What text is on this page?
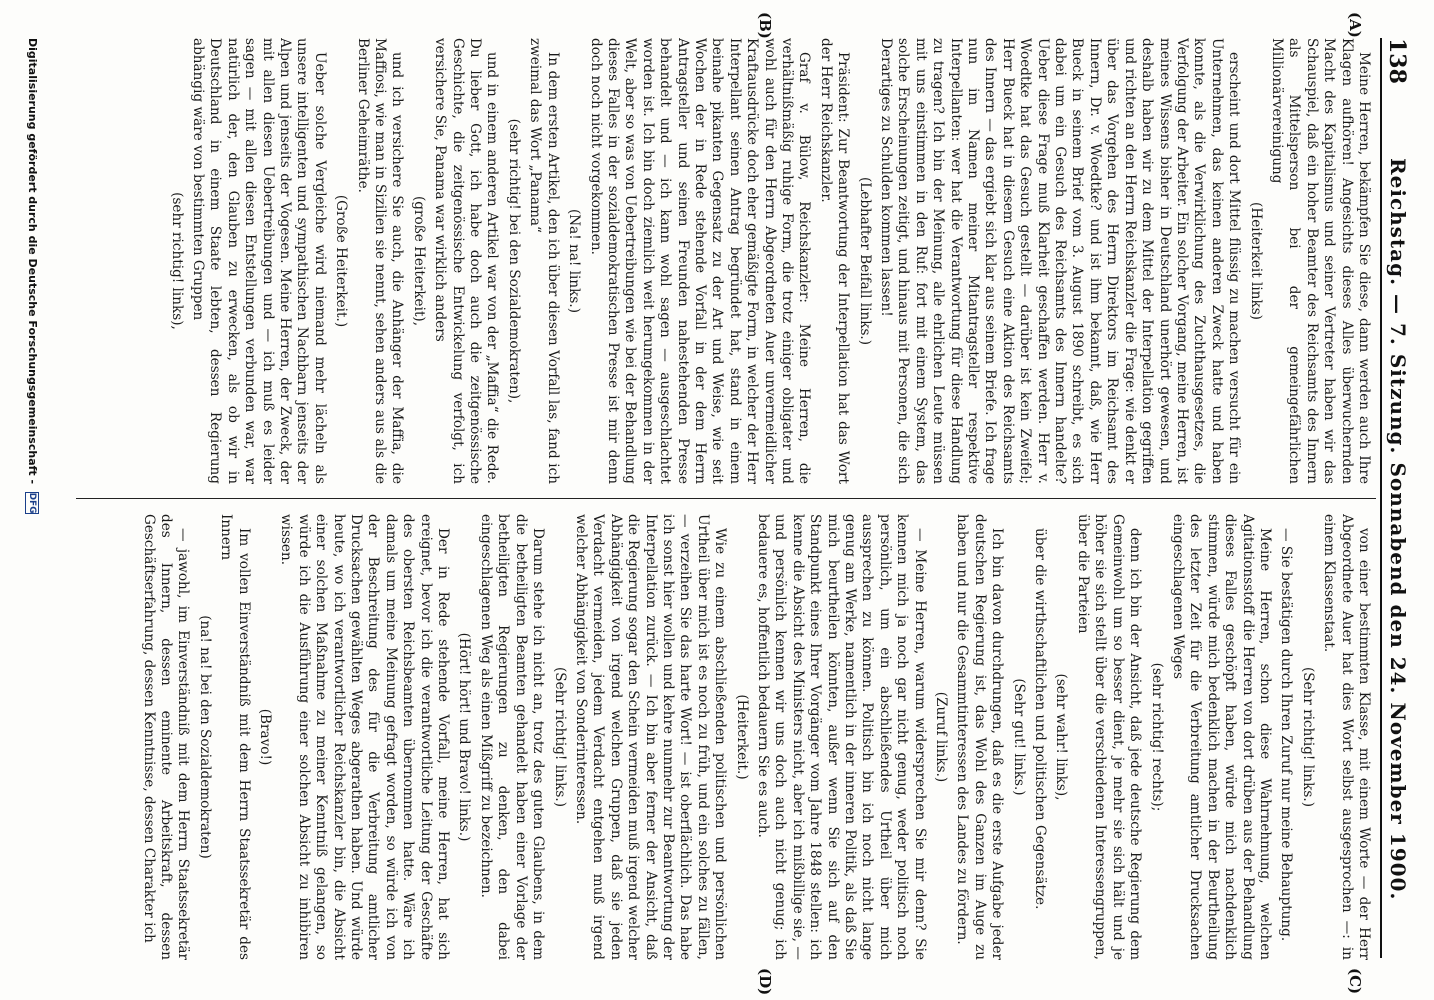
138
Reichstag. — 7. Sitzung. Sonnabend den 24. November 1900.
(A)
(B)
(C)
(D)

Meine Herren, bekämpfen Sie diese, dann werden auch Ihre Klagen aufhören! Angesichts dieses Alles überwuchernden Macht des Kapitalismus und seiner Vertreter haben wir das Schauspiel, daß ein hoher Beamter des Reichsamts des Innern als Mittelsperson bei der gemeingefährlichen Millionärvereinigung

(Heiterkeit links)

erscheint und dort Mittel flüssig zu machen versucht für ein Unternehmen, das keinen anderen Zweck hatte und haben konnte, als die Verwirklichung des Zuchthausgesetzes, die Verfolgung der Arbeiter. Ein solcher Vorgang, meine Herren, ist meines Wissens bisher in Deutschland unerhört gewesen, und deshalb haben wir zu dem Mittel der Interpellation gegriffen und richten an den Herrn Reichskanzler die Frage: wie denkt er über das Vorgehen des Herrn Direktors im Reichsamt des Innern, Dr. v. Woedtke? und ist ihm bekannt, daß, wie Herr Bueck in seinem Brief vom 3. August 1890 schreibt, es sich dabei um ein Gesuch des Reichsamts des Innern handelte? Ueber diese Frage muß Klarheit geschaffen werden. Herr v. Woedtke hat das Gesuch gestellt — darüber ist kein Zweifel; Herr Bueck hat in diesem Gesuch eine Aktion des Reichsamts des Innern — das ergiebt sich klar aus seinem Briefe. Ich frage nun im Namen meiner Mitantragsteller respektive Interpellanten: wer hat die Verantwortung für diese Handlung zu tragen? Ich bin der Meinung, alle ehrlichen Leute müssen mit uns einstimmen in den Ruf: fort mit einem System, das solche Erscheinungen zeitigt, und hinaus mit Personen, die sich Derartiges zu Schulden kommen lassen!

(Lebhafter Beifall links.)

Präsident: Zur Beantwortung der Interpellation hat das Wort der Herr Reichskanzler.

Graf v. Bülow, Reichskanzler: Meine Herren, die verhältnißmäßig ruhige Form, die trotz einiger obligater und wohl auch für den Herrn Abgeordneten Auer unvermeidlicher Kraftausdrücke doch eher gemäßigte Form, in welcher der Herr Interpellant seinen Antrag begründet hat, stand in einem beinahe pikanten Gegensatz zu der Art und Weise, wie seit Wochen der in Rede stehende Vorfall in der dem Herrn Antragsteller und seinen Freunden nahestehenden Presse behandelt und — ich kann wohl sagen — ausgeschlachtet worden ist. Ich bin doch ziemlich weit herumgekommen in der Welt, aber so was von Uebertreibungen wie bei der Behandlung dieses Falles in der sozialdemokratischen Presse ist mir denn doch noch nicht vorgekommen.

(Na! na! links.)

In dem ersten Artikel, den ich über diesen Vorfall las, fand ich zweimal das Wort „Panama“

(sehr richtig! bei den Sozialdemokraten),

und in einem anderen Artikel war von der „Maffia“ die Rede. Du lieber Gott, ich habe doch auch die zeitgenössische Geschichte, die zeitgenössische Entwickelung verfolgt, ich versichere Sie, Panama war wirklich anders

(große Heiterkeit),

und ich versichere Sie auch, die Anhänger der Maffia, die Maffiosi, wie man in Sizilien sie nennt, sehen anders aus als die Berliner Geheimräthe.

(Große Heiterkeit.)

Ueber solche Vergleiche wird niemand mehr lächeln als unsere intelligenten und sympathischen Nachbarn jenseits der Alpen und jenseits der Vogesen. Meine Herren, der Zweck, der mit allen diesen Uebertreibungen und — ich muß es leider sagen — mit allen diesen Entstellungen verbunden war, war natürlich der, den Glauben zu erwecken, als ob wir in Deutschland in einem Staate lebten, dessen Regierung abhängig wäre von bestimmten Gruppen

(sehr richtig! links),

von einer bestimmten Klasse, mit einem Worte — der Herr Abgeordnete Auer hat dies Wort selbst ausgesprochen —: in einem Klassenstaat.

(Sehr richtig! links.)

— Sie bestätigen durch Ihren Zuruf nur meine Behauptung.

Meine Herren, schon diese Wahrnehmung, welchen Agitationsstoff die Herren von dort drüben aus der Behandlung dieses Falles geschöpft haben, würde mich nachdenklich stimmen, würde mich bedenklich machen in der Beurtheilung des letzter Zeit für die Verbreitung amtlicher Drucksachen eingeschlagenen Weges

(sehr richtig! rechts);

denn ich bin der Ansicht, daß jede deutsche Regierung dem Gemeinwohl um so besser dient, je mehr sie sich hält und je höher sie sich stellt über die verschiedenen Interessengruppen, über die Parteien

(sehr wahr! links),

über die wirthschaftlichen und politischen Gegensätze.

(Sehr gut! links.)

Ich bin davon durchdrungen, daß es die erste Aufgabe jeder deutschen Regierung ist, das Wohl des Ganzen im Auge zu haben und nur die Gesammtinteressen des Landes zu fördern.

(Zuruf links.)

— Meine Herren, warum widersprechen Sie mir denn? Sie kennen mich ja noch gar nicht genug, weder politisch noch persönlich, um ein abschließendes Urtheil über mich aussprechen zu können. Politisch bin ich noch nicht lange genug am Werke, namentlich in der inneren Politik, als daß Sie mich beurtheilen könnten, außer wenn Sie sich auf den Standpunkt eines Ihrer Vorgänger vom Jahre 1848 stellen: ich kenne die Absicht des Ministers nicht, aber ich mißbillige sie, — und persönlich kennen wir uns doch auch nicht genug; ich bedauere es, hoffentlich bedauern Sie es auch.

(Heiterkeit.)

Wie zu einem abschließenden politischen und persönlichen Urtheil über mich ist es noch zu früh, und ein solches zu fällen, — verzeihen Sie das harte Wort! — ist oberflächlich. Das habe ich sonst hier wollen und kehre nunmehr zur Beantwortung der Interpellation zurück. — Ich bin aber ferner der Ansicht, daß die Regierung sogar den Schein vermeiden muß irgend welcher Abhängigkeit von irgend welchen Gruppen, daß sie jeden Verdacht vermeiden, jedem Verdacht entgehen muß irgend welcher Abhängigkeit von Sonderinteressen.

(Sehr richtig! links.)

Darum stehe ich nicht an, trotz des guten Glaubens, in dem die betheiligten Beamten gehandelt haben einer Vorlage der betheiligten Regierungen zu denken, den dabei eingeschlagenen Weg als einen Mißgriff zu bezeichnen.

(Hört! hört! und Bravo! links.)

Der in Rede stehende Vorfall, meine Herren, hat sich ereignet, bevor ich die verantwortliche Leitung der Geschäfte des obersten Reichsbeamten übernommen hatte. Wäre ich damals um meine Meinung gefragt worden, so würde ich von der Beschreitung des für die Verbreitung amtlicher Drucksachen gewählten Weges abgerathen haben. Und würde heute, wo ich verantwortlicher Reichskanzler bin, die Absicht einer solchen Maßnahme zu meiner Kenntniß gelangen, so würde ich die Ausführung einer solchen Absicht zu inhibiren wissen.

(Bravo!)

Im vollen Einverständniß mit dem Herrn Staatssekretär des Innern

(na! na! bei den Sozialdemokraten)

— jawohl, im Einverständniß mit dem Herrn Staatssekretär des Innern, dessen eminente Arbeitskraft, dessen Geschäftserfahrung, dessen Kenntnisse, dessen Charakter ich

Digitalisierung gefördert durch die Deutsche Forschungsgemeinschaft - DFG
